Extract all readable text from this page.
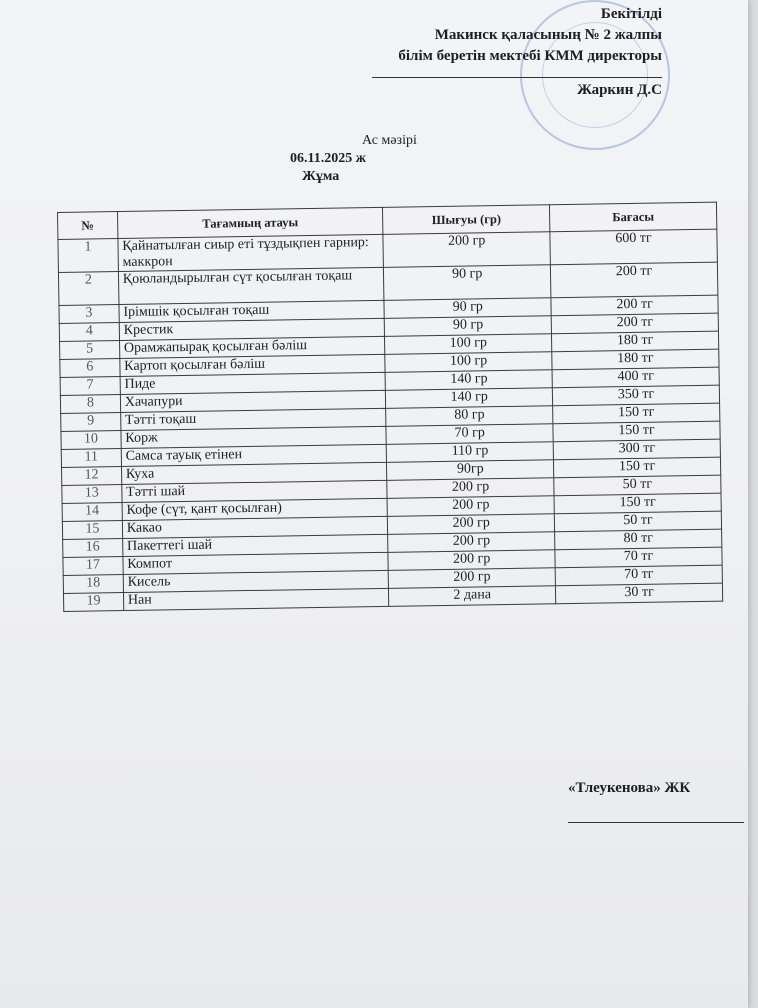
Бекітілді
Макинск қаласының № 2 жалпы
білім беретін мектебі КММ директоры
Жаркин Д.С
Ас мәзірі
06.11.2025 ж
Жұма
№	Тағамның атауы	Шығуы (гр)	Бағасы
1	Қайнатылған сиыр еті тұздықпен гарнир: маккрон	200 гр	600 тг
2	Қоюландырылған сүт қосылған тоқаш	90 гр	200 тг
3	Ірімшік қосылған тоқаш	90 гр	200 тг
4	Крестик	90 гр	200 тг
5	Орамжапырақ қосылған бәліш	100 гр	180 тг
6	Картоп қосылған бәліш	100 гр	180 тг
7	Пиде	140 гр	400 тг
8	Хачапури	140 гр	350 тг
9	Тәтті тоқаш	80 гр	150 тг
10	Корж	70 гр	150 тг
11	Самса тауық етінен	110 гр	300 тг
12	Куха	90гр	150 тг
13	Тәтті шай	200 гр	50 тг
14	Кофе (сүт, қант қосылған)	200 гр	150 тг
15	Какао	200 гр	50 тг
16	Пакеттегі шай	200 гр	80 тг
17	Компот	200 гр	70 тг
18	Кисель	200 гр	70 тг
19	Нан	2 дана	30 тг
«Тлеукенова» ЖК
